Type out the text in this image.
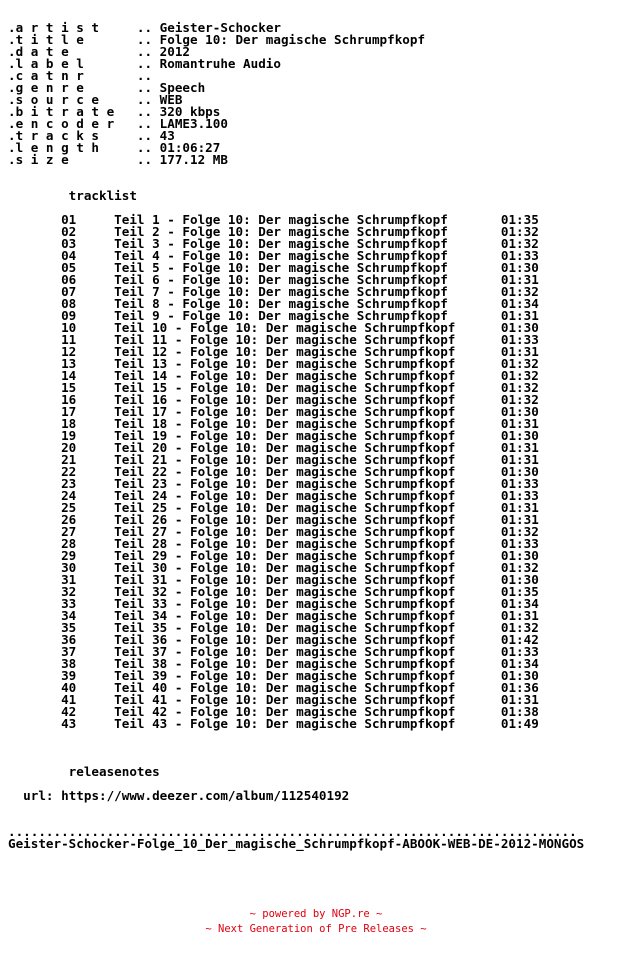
.a r t i s t	.. Geister-Schocker
.t i t l e	.. Folge 10: Der magische Schrumpfkopf
.d a t e	.. 2012
.l a b e l	.. Romantruhe Audio
.c a t n r	..
.g e n r e	.. Speech
.s o u r c e	.. WEB
.b i t r a t e .. 320 kbps
.e n c o d e r .. LAME3.100
.t r a c k s	.. 43
.l e n g t h	.. 01:06:27
.s i z e	.. 177.12 MB

tracklist

01	Teil 1 - Folge 10: Der magische Schrumpfkopf	01:35
02	Teil 2 - Folge 10: Der magische Schrumpfkopf	01:32
03	Teil 3 - Folge 10: Der magische Schrumpfkopf	01:32
04	Teil 4 - Folge 10: Der magische Schrumpfkopf	01:33
05	Teil 5 - Folge 10: Der magische Schrumpfkopf	01:30
06	Teil 6 - Folge 10: Der magische Schrumpfkopf	01:31
07	Teil 7 - Folge 10: Der magische Schrumpfkopf	01:32
08	Teil 8 - Folge 10: Der magische Schrumpfkopf	01:34
09	Teil 9 - Folge 10: Der magische Schrumpfkopf	01:31
10	Teil 10 - Folge 10: Der magische Schrumpfkopf	01:30
11	Teil 11 - Folge 10: Der magische Schrumpfkopf	01:33
12	Teil 12 - Folge 10: Der magische Schrumpfkopf	01:31
13	Teil 13 - Folge 10: Der magische Schrumpfkopf	01:32
14	Teil 14 - Folge 10: Der magische Schrumpfkopf	01:32
15	Teil 15 - Folge 10: Der magische Schrumpfkopf	01:32
16	Teil 16 - Folge 10: Der magische Schrumpfkopf	01:32
17	Teil 17 - Folge 10: Der magische Schrumpfkopf	01:30
18	Teil 18 - Folge 10: Der magische Schrumpfkopf	01:31
19	Teil 19 - Folge 10: Der magische Schrumpfkopf	01:30
20	Teil 20 - Folge 10: Der magische Schrumpfkopf	01:31
21	Teil 21 - Folge 10: Der magische Schrumpfkopf	01:31
22	Teil 22 - Folge 10: Der magische Schrumpfkopf	01:30
23	Teil 23 - Folge 10: Der magische Schrumpfkopf	01:33
24	Teil 24 - Folge 10: Der magische Schrumpfkopf	01:33
25	Teil 25 - Folge 10: Der magische Schrumpfkopf	01:31
26	Teil 26 - Folge 10: Der magische Schrumpfkopf	01:31
27	Teil 27 - Folge 10: Der magische Schrumpfkopf	01:32
28	Teil 28 - Folge 10: Der magische Schrumpfkopf	01:33
29	Teil 29 - Folge 10: Der magische Schrumpfkopf	01:30
30	Teil 30 - Folge 10: Der magische Schrumpfkopf	01:32
31	Teil 31 - Folge 10: Der magische Schrumpfkopf	01:30
32	Teil 32 - Folge 10: Der magische Schrumpfkopf	01:35
33	Teil 33 - Folge 10: Der magische Schrumpfkopf	01:34
34	Teil 34 - Folge 10: Der magische Schrumpfkopf	01:31
35	Teil 35 - Folge 10: Der magische Schrumpfkopf	01:32
36	Teil 36 - Folge 10: Der magische Schrumpfkopf	01:42
37	Teil 37 - Folge 10: Der magische Schrumpfkopf	01:33
38	Teil 38 - Folge 10: Der magische Schrumpfkopf	01:34
39	Teil 39 - Folge 10: Der magische Schrumpfkopf	01:30
40	Teil 40 - Folge 10: Der magische Schrumpfkopf	01:36
41	Teil 41 - Folge 10: Der magische Schrumpfkopf	01:31
42	Teil 42 - Folge 10: Der magische Schrumpfkopf	01:38
43	Teil 43 - Folge 10: Der magische Schrumpfkopf	01:49

releasenotes

url: https://www.deezer.com/album/112540192

...........................................................................
Geister-Schocker-Folge_10_Der_magische_Schrumpfkopf-ABOOK-WEB-DE-2012-MONGOS
~ powered by NGP.re ~
~ Next Generation of Pre Releases ~
